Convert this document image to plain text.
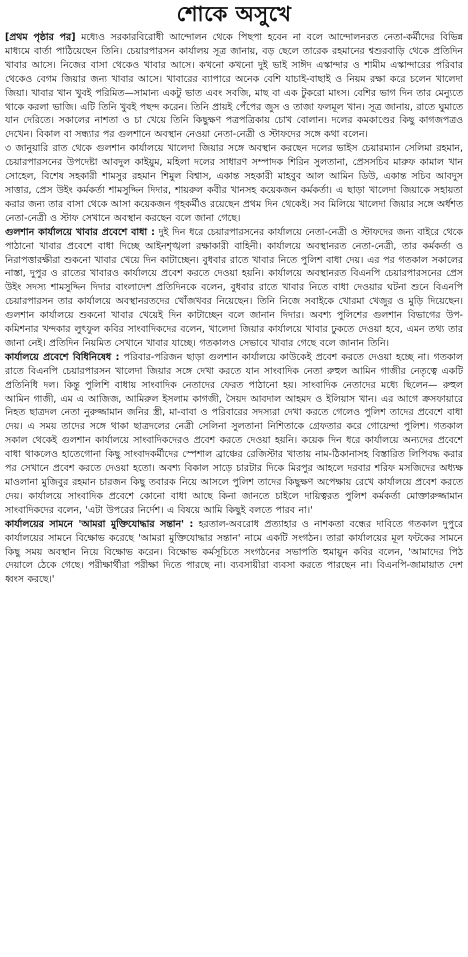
শোকে অসুখে

[প্রথম পৃষ্ঠার পর] মধ্যেও সরকারবিরোধী আন্দোলন থেকে পিছপা হবেন না বলে আন্দোলনরত নেতা-কর্মীদের বিভিন্ন মাধ্যমে বার্তা পাঠিয়েছেন তিনি। চেয়ারপারসন কার্যালয় সূত্র জানায়, বড় ছেলে তারেক রহমানের শ্বশুরবাড়ি থেকে প্রতিদিন খাবার আসে। নিজের বাসা থেকেও খাবার আসে। কখনো কখনো দুই ভাই সাঈদ এস্কান্দার ও শামীম এস্কান্দারের পরিবার থেকেও বেগম জিয়ার জন্য খাবার আসে। খাবারের ব্যাপারে অনেক বেশি যাচাই-বাছাই ও নিয়ম রক্ষা করে চলেন খালেদা জিয়া। খাবার খান খুবই পরিমিত—সামান্য একটু ভাত এবং সবজি, মাছ বা এক টুকরো মাংস। বেশির ভাগ দিন তার মেন্যুতে থাকে করলা ভাজি। এটি তিনি খুবই পছন্দ করেন। তিনি প্রায়ই পেঁপের জুস ও তাজা ফলমূল খান। সূত্র জানায়, রাতে ঘুমাতে যান দেরিতে। সকালের নাশতা ও চা খেয়ে তিনি কিছুক্ষণ পত্রপত্রিকায় চোখ বোলান। দলের কমকাণ্ডের কিছু কাগজপত্রও দেখেন। বিকাল বা সন্ধ্যার পর গুলশানে অবস্থান নেওয়া নেতা-নেত্রী ও স্টাফদের সঙ্গে কথা বলেন।

৩ জানুয়ারি রাত থেকে গুলশান কার্যালয়ে খালেদা জিয়ার সঙ্গে অবস্থান করছেন দলের ভাইস চেয়ারম্যান সেলিমা রহমান, চেয়ারপারসনের উপদেষ্টা আবদুল কাইয়ুম, মহিলা দলের সাধারণ সম্পাদক শিরিন সুলতানা, প্রেসসচিব মারুফ কামাল খান সোহেল, বিশেষ সহকারী শামসুর রহমান শিমুল বিশ্বাস, একান্ত সহকারী মাহবুব আল আমিন ডিউ, একান্ত সচিব আবদুস সাত্তার, প্রেস উইং কর্মকর্তা শামসুদ্দিন দিদার, শায়রুল কবীর খানসহ কয়েকজন কর্মকর্তা। এ ছাড়া খালেদা জিয়াকে সহায়তা করার জন্য তার বাসা থেকে আসা কয়েকজন গৃহকর্মীও রয়েছেন প্রথম দিন থেকেই। সব মিলিয়ে খালেদা জিয়ার সঙ্গে অর্ধশত নেতা-নেত্রী ও স্টাফ সেখানে অবস্থান করছেন বলে জানা গেছে।

গুলশান কার্যালয়ে খাবার প্রবেশে বাধা : দুই দিন ধরে চেয়ারপারসনের কার্যালয়ে নেতা-নেত্রী ও স্টাফদের জন্য বাইরে থেকে পাঠানো খাবার প্রবেশে বাধা দিচ্ছে আইনশৃঙ্খলা রক্ষাকারী বাহিনী। কার্যালয়ে অবস্থানরত নেতা-নেত্রী, তার কর্মকর্তা ও নিরাপত্তারক্ষীরা শুকনো খাবার খেয়ে দিন কাটাচ্ছেন। বুধবার রাতে খাবার নিতে পুলিশ বাধা দেয়। এর পর গতকাল সকালের নাস্তা, দুপুর ও রাতের খাবারও কার্যালয়ে প্রবেশ করতে দেওয়া হয়নি। কার্যালয়ে অবস্থানরত বিএনপি চেয়ারপারসনের প্রেস উইং সদস্য শামসুদ্দিন দিদার বাংলাদেশ প্রতিদিনকে বলেন, বুধবার রাতে খাবার নিতে বাধা দেওয়ার ঘটনা শুনে বিএনপি চেয়ারপারসন তার কার্যালয়ে অবস্থানরতদের খোঁজখবর নিয়েছেন। তিনি নিজে সবাইকে খোরমা খেজুর ও মুড়ি দিয়েছেন। গুলশান কার্যালয়ে শুকনো খাবার খেয়েই দিন কাটাচ্ছেন বলে জানান দিদার। অবশ্য পুলিশের গুলশান বিভাগের উপ-কমিশনার খন্দকার লুৎফুল কবির সাংবাদিকদের বলেন, খালেদা জিয়ার কার্যালয়ে খাবার ঢুকতে দেওয়া হবে, এমন তথ্য তার জানা নেই। প্রতিদিন নিয়মিত সেখানে খাবার যাচ্ছে। গতকালও সেভাবে খাবার গেছে বলে জানান তিনি।

কার্যালয়ে প্রবেশে বিধিনিষেধ : পরিবার-পরিজন ছাড়া গুলশান কার্যালয়ে কাউকেই প্রবেশ করতে দেওয়া হচ্ছে না। গতকাল রাতে বিএনপি চেয়ারপারসন খালেদা জিয়ার সঙ্গে দেখা করতে যান সাংবাদিক নেতা রুহুল আমিন গাজীর নেতৃত্বে একটি প্রতিনিধি দল। কিন্তু পুলিশি বাধায় সাংবাদিক নেতাদের ফেরত পাঠানো হয়। সাংবাদিক নেতাদের মধ্যে ছিলেন— রুহুল আমিন গাজী, এম এ আজিজ, আমিরুল ইসলাম কাগজী, সৈয়দ আবদাল আহমদ ও ইলিয়াস খান। এর আগে ক্রসফায়ারে নিহত ছাত্রদল নেতা নুরুজ্জামান জনির স্ত্রী, মা-বাবা ও পরিবারের সদস্যরা দেখা করতে গেলেও পুলিশ তাদের প্রবেশে বাধা দেয়। এ সময় তাদের সঙ্গে থাকা ছাত্রদলের নেত্রী সেলিনা সুলতানা নিশিতাকে গ্রেফতার করে গোয়েন্দা পুলিশ। গতকাল সকাল থেকেই গুলশান কার্যালয়ে সাংবাদিকদেরও প্রবেশ করতে দেওয়া হয়নি। কয়েক দিন ধরে কার্যালয়ে অন্যদের প্রবেশে বাধা থাকলেও হাতেগোনা কিছু সাংবাদকর্মীদের স্পেশাল ব্রাঞ্চের রেজিস্টার খাতায় নাম-ঠিকানাসহ বিস্তারিত লিপিবদ্ধ করার পর সেখানে প্রবেশ করতে দেওয়া হতো। অবশ্য বিকাল সাড়ে চারটার দিকে মিরপুর আহলে দরবার শরিফ মসজিদের অধ্যক্ষ মাওলানা মুজিবুর রহমান চারজন কিছু তবারক নিয়ে আসলে পুলিশ তাদের কিছুক্ষণ অপেক্ষায় রেখে কার্যালয়ে প্রবেশ করতে দেয়। কার্যালয়ে সাংবাদিক প্রবেশে কোনো বাধা আছে কিনা জানতে চাইলে দায়িত্বরত পুলিশ কর্মকর্তা মোক্তারুজ্জামান সাংবাদিকদের বলেন, 'এটা উপরের নির্দেশ। এ বিষয়ে আমি কিছুই বলতে পারব না।'

কার্যালয়ের সামনে 'আমরা মুক্তিযোদ্ধার সন্তান' : হরতাল-অবরোধ প্রত্যাহার ও নাশকতা বন্ধের দাবিতে গতকাল দুপুরে কার্যালয়ের সামনে বিক্ষোভ করেছে 'আমরা মুক্তিযোদ্ধার সন্তান' নামে একটি সংগঠন। তারা কার্যালয়ের মূল ফটকের সামনে কিছু সময় অবস্থান নিয়ে বিক্ষোভ করেন। বিক্ষোভ কর্মসূচিতে সংগঠনের সভাপতি হুমায়ুন কবির বলেন, 'আমাদের পিঠ দেয়ালে ঠেকে গেছে। পরীক্ষার্থীরা পরীক্ষা দিতে পারছে না। ব্যবসায়ীরা ব্যবসা করতে পারছেন না। বিএনপি-জামায়াত দেশ ধ্বংস করছে।'
